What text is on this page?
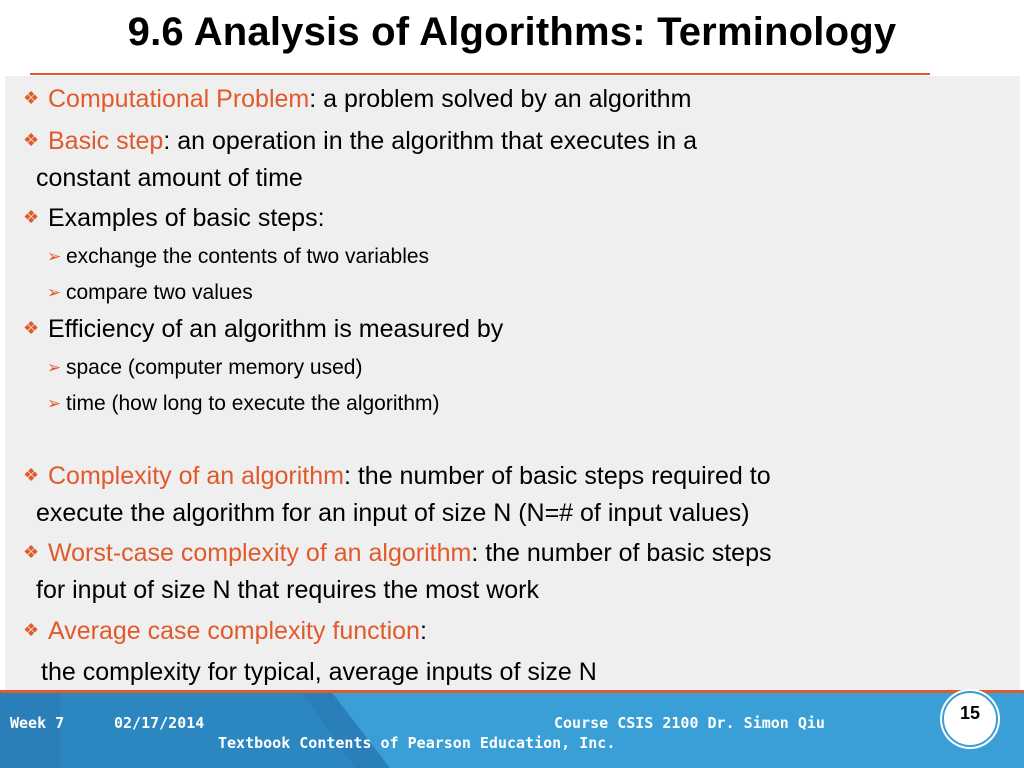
9.6 Analysis of Algorithms: Terminology
❖ Computational Problem: a problem solved by an algorithm
❖ Basic step: an operation in the algorithm that executes in a
constant amount of time
❖ Examples of basic steps:
➢ exchange the contents of two variables
➢ compare two values
❖ Efficiency of an algorithm is measured by
➢ space (computer memory used)
➢ time (how long to execute the algorithm)
❖ Complexity of an algorithm: the number of basic steps required to
execute the algorithm for an input of size N (N=# of input values)
❖ Worst-case complexity of an algorithm: the number of basic steps
for input of size N that requires the most work
❖ Average case complexity function:
the complexity for typical, average inputs of size N
Week 7	02/17/2014	Course CSIS 2100 Dr. Simon Qiu
Textbook Contents of Pearson Education, Inc.
15
